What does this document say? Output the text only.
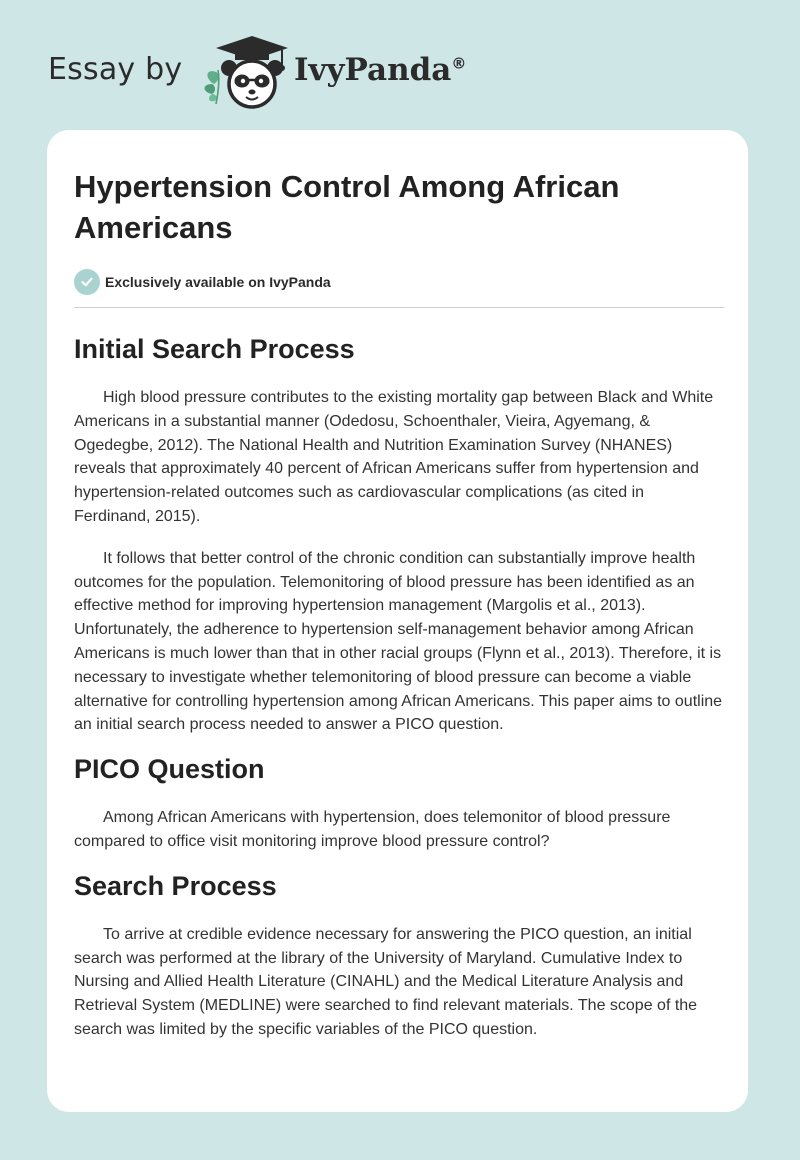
Essay by	IvyPanda®
Hypertension Control Among African Americans
Exclusively available on IvyPanda
Initial Search Process

High blood pressure contributes to the existing mortality gap between Black and White Americans in a substantial manner (Odedosu, Schoenthaler, Vieira, Agyemang, & Ogedegbe, 2012). The National Health and Nutrition Examination Survey (NHANES) reveals that approximately 40 percent of African Americans suffer from hypertension and hypertension-related outcomes such as cardiovascular complications (as cited in Ferdinand, 2015).

It follows that better control of the chronic condition can substantially improve health outcomes for the population. Telemonitoring of blood pressure has been identified as an effective method for improving hypertension management (Margolis et al., 2013). Unfortunately, the adherence to hypertension self-management behavior among African Americans is much lower than that in other racial groups (Flynn et al., 2013). Therefore, it is necessary to investigate whether telemonitoring of blood pressure can become a viable alternative for controlling hypertension among African Americans. This paper aims to outline an initial search process needed to answer a PICO question.

PICO Question

Among African Americans with hypertension, does telemonitor of blood pressure compared to office visit monitoring improve blood pressure control?

Search Process

To arrive at credible evidence necessary for answering the PICO question, an initial search was performed at the library of the University of Maryland. Cumulative Index to Nursing and Allied Health Literature (CINAHL) and the Medical Literature Analysis and Retrieval System (MEDLINE) were searched to find relevant materials. The scope of the search was limited by the specific variables of the PICO question.
